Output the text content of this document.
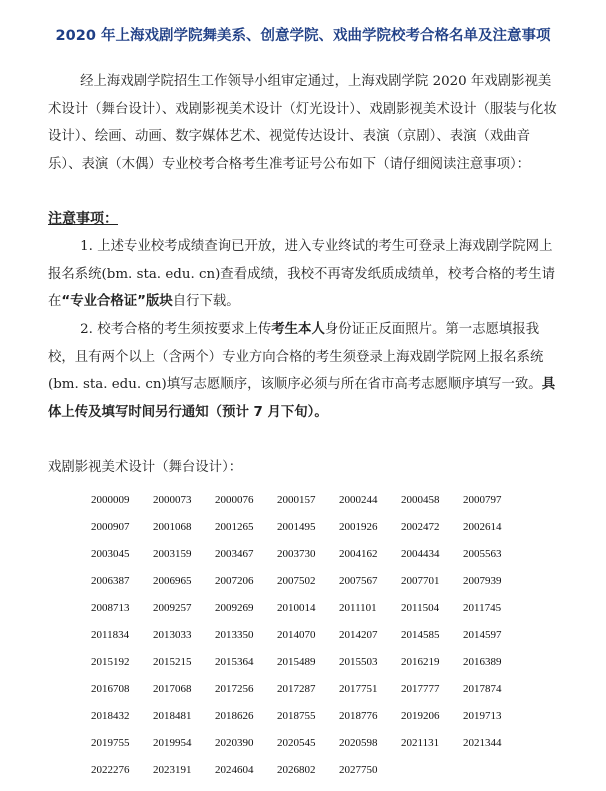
2020 年上海戏剧学院舞美系、创意学院、戏曲学院校考合格名单及注意事项

经上海戏剧学院招生工作领导小组审定通过，上海戏剧学院 2020 年戏剧影视美术设计（舞台设计）、戏剧影视美术设计（灯光设计）、戏剧影视美术设计（服装与化妆设计）、绘画、动画、数字媒体艺术、视觉传达设计、表演（京剧）、表演（戏曲音乐）、表演（木偶）专业校考合格考生准考证号公布如下（请仔细阅读注意事项）：

注意事项：

1. 上述专业校考成绩查询已开放，进入专业终试的考生可登录上海戏剧学院网上报名系统(bm. sta. edu. cn)查看成绩，我校不再寄发纸质成绩单，校考合格的考生请在“专业合格证”版块自行下载。

2. 校考合格的考生须按要求上传考生本人身份证正反面照片。第一志愿填报我校，且有两个以上（含两个）专业方向合格的考生须登录上海戏剧学院网上报名系统(bm. sta. edu. cn)填写志愿顺序，该顺序必须与所在省市高考志愿顺序填写一致。具体上传及填写时间另行通知（预计 7 月下旬）。

戏剧影视美术设计（舞台设计）：
2000009	2000073	2000076	2000157	2000244	2000458	2000797
2000907	2001068	2001265	2001495	2001926	2002472	2002614
2003045	2003159	2003467	2003730	2004162	2004434	2005563
2006387	2006965	2007206	2007502	2007567	2007701	2007939
2008713	2009257	2009269	2010014	2011101	2011504	2011745
2011834	2013033	2013350	2014070	2014207	2014585	2014597
2015192	2015215	2015364	2015489	2015503	2016219	2016389
2016708	2017068	2017256	2017287	2017751	2017777	2017874
2018432	2018481	2018626	2018755	2018776	2019206	2019713
2019755	2019954	2020390	2020545	2020598	2021131	2021344
2022276	2023191	2024604	2026802	2027750
